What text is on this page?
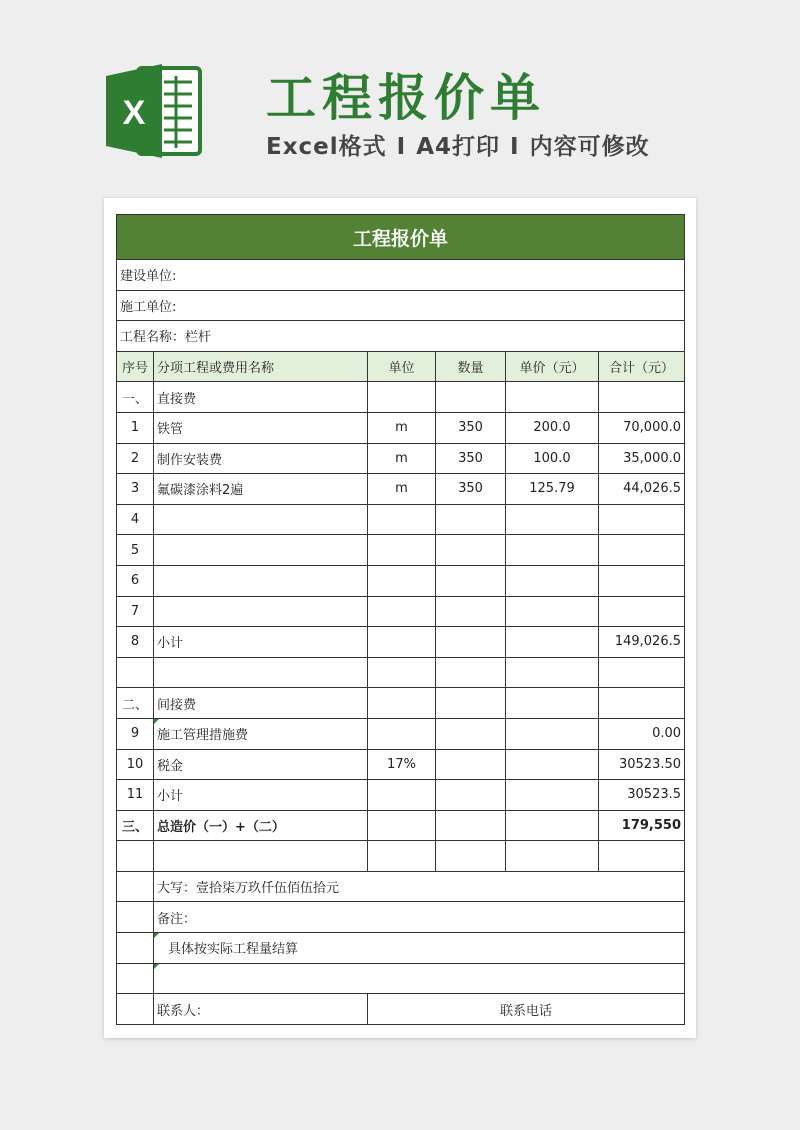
X 工程报价单
Excel格式 I A4打印 I 内容可修改
工程报价单					
建设单位:					
施工单位:					
工程名称：栏杆					
序号	分项工程或费用名称	单位	数量	单价（元）	合计（元）
一、	直接费				
1	铁管	m	350	200.0	70,000.0
2	制作安装费	m	350	100.0	35,000.0
3	氟碳漆涂料2遍	m	350	125.79	44,026.5
4					
5					
6					
7					
8	小计				149,026.5

二、	间接费				
9	施工管理措施费				0.00
10	税金	17%			30523.50
11	小计				30523.5
三、	总造价（一）+（二）				179,550

	大写：壹拾柒万玖仟伍佰伍拾元				
	备注：				
	具体按实际工程量结算				

	联系人：	联系电话			
